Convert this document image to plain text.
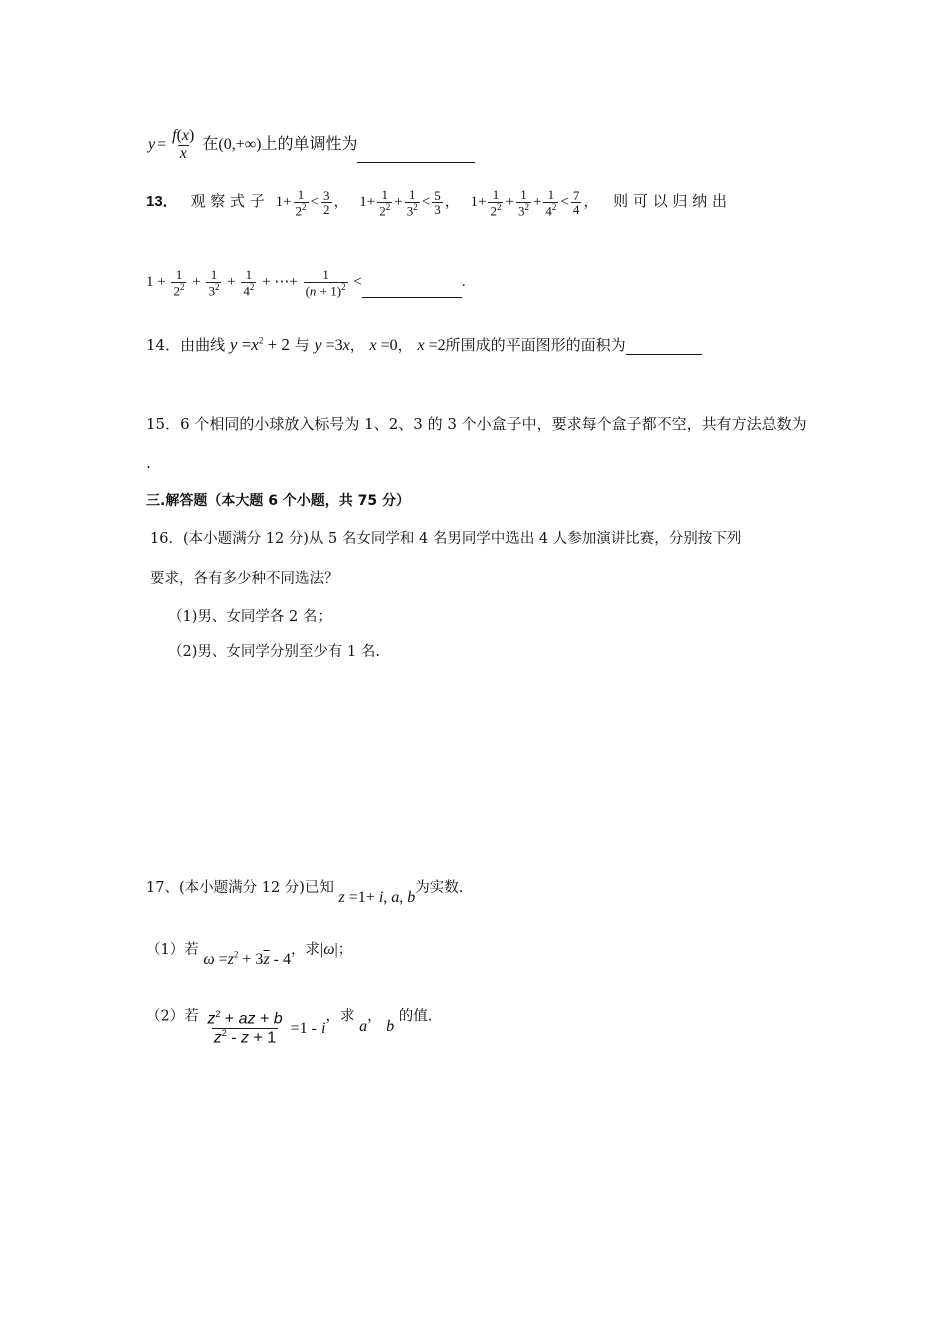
$y = \frac{f(x)}{x}$ 在(0,+∞)上的单调性为
13． 观 察 式 子 $1+ \frac{1}{2^2} < \frac{3}{2}$ ， $1+ \frac{1}{2^2} + \frac{1}{3^2} < \frac{5}{3}$ ， $1+ \frac{1}{2^2} + \frac{1}{3^2} + \frac{1}{4^2} < \frac{7}{4}$ ， 则 可 以 归 纳 出
$1 + \frac{1}{2^2} + \frac{1}{3^2} + \frac{1}{4^2}$ + ⋯+ $\frac{1}{(n + 1)^2}$ <	.
14．由曲线 $y =x^2 + 2$ 与 y =3x， x =0， x =2所围成的平面图形的面积为
15．6 个相同的小球放入标号为 1、2、3 的 3 个小盒子中，要求每个盒子都不空，共有方法总数为
.
三.解答题（本大题 6 个小题，共 75 分）
16．(本小题满分 12 分)从 5 名女同学和 4 名男同学中选出 4 人参加演讲比赛，分别按下列
要求，各有多少种不同选法？
（1)男、女同学各 2 名；
（2)男、女同学分别至少有 1 名.
17、(本小题满分 12 分)已知 z =1+ i, a, b为实数.
（1）若 $\omega =z^2 + 3\overline{z} - 4$，求|ω|；
（2）若 $\frac{z^2 + az + b}{z^2 - z + 1} =1 - i$，求 a， b 的值.
